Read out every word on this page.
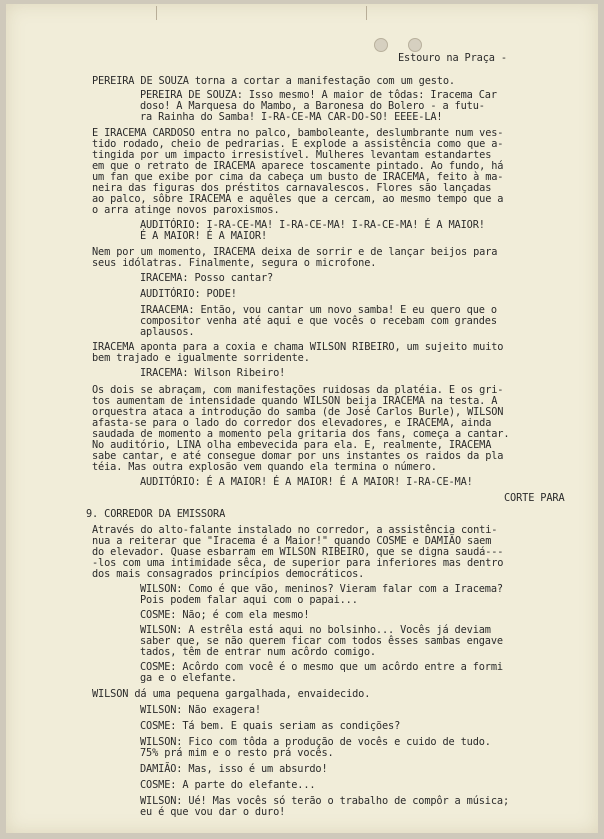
Estouro na Praça -
PEREIRA DE SOUZA torna a cortar a manifestação com um gesto.
PEREIRA DE SOUZA: Isso mesmo! A maior de tôdas: Iracema Car
doso! A Marquesa do Mambo, a Baronesa do Bolero - a futu-
ra Rainha do Samba! I-RA-CE-MA CAR-DO-SO! EEEE-LA!
E IRACEMA CARDOSO entra no palco, bamboleante, deslumbrante num ves-
tido rodado, cheio de pedrarias. E explode a assistência como que a-
tingida por um impacto irresistível. Mulheres levantam estandartes
em que o retrato de IRACEMA aparece toscamente pintado. Ao fundo, há
um fan que exibe por cima da cabeça um busto de IRACEMA, feito à ma-
neira das figuras dos préstitos carnavalescos. Flores são lançadas
ao palco, sôbre IRACEMA e aquêles que a cercam, ao mesmo tempo que a
o arra atinge novos paroxismos.
AUDITÓRIO: I-RA-CE-MA! I-RA-CE-MA! I-RA-CE-MA! É A MAIOR!
É A MAIOR! É A MAIOR!
Nem por um momento, IRACEMA deixa de sorrir e de lançar beijos para
seus idólatras. Finalmente, segura o microfone.
IRACEMA: Posso cantar?
AUDITÓRIO: PODE!
IRAACEMA: Então, vou cantar um novo samba! E eu quero que o
compositor venha até aqui e que vocês o recebam com grandes
aplausos.
IRACEMA aponta para a coxia e chama WILSON RIBEIRO, um sujeito muito
bem trajado e igualmente sorridente.
IRACEMA: Wilson Ribeiro!
Os dois se abraçam, com manifestações ruidosas da platéia. E os gri-
tos aumentam de intensidade quando WILSON beija IRACEMA na testa. A
orquestra ataca a introdução do samba (de José Carlos Burle), WILSON
afasta-se para o lado do corredor dos elevadores, e IRACEMA, ainda
saudada de momento a momento pela gritaria dos fans, começa a cantar.
No auditório, LINA olha embevecida para ela. E, realmente, IRACEMA
sabe cantar, e até consegue domar por uns instantes os raidos da pla
téia. Mas outra explosão vem quando ela termina o número.
AUDITÓRIO: É A MAIOR! É A MAIOR! É A MAIOR! I-RA-CE-MA!
CORTE PARA
9. CORREDOR DA EMISSORA
Através do alto-falante instalado no corredor, a assistência conti-
nua a reiterar que "Iracema é a Maior!" quando COSME e DAMIÃO saem
do elevador. Quase esbarram em WILSON RIBEIRO, que se digna saudá---
-los com uma intimidade sêca, de superior para inferiores mas dentro
dos mais consagrados princípios democráticos.
WILSON: Como é que vão, meninos? Vieram falar com a Iracema?
Pois podem falar aqui com o papai...
COSME: Não; é com ela mesmo!
WILSON: A estrêla está aqui no bolsinho... Vocês já deviam
saber que, se não querem ficar com todos êsses sambas engave
tados, têm de entrar num acôrdo comigo.
COSME: Acôrdo com você é o mesmo que um acôrdo entre a formi
ga e o elefante.
WILSON dá uma pequena gargalhada, envaidecido.
WILSON: Não exagera!
COSME: Tá bem. E quais seriam as condições?
WILSON: Fico com tôda a produção de vocês e cuido de tudo.
75% prá mim e o resto prá vocês.
DAMIÃO: Mas, isso é um absurdo!
COSME: A parte do elefante...
WILSON: Ué! Mas vocês só terão o trabalho de compôr a música;
eu é que vou dar o duro!
